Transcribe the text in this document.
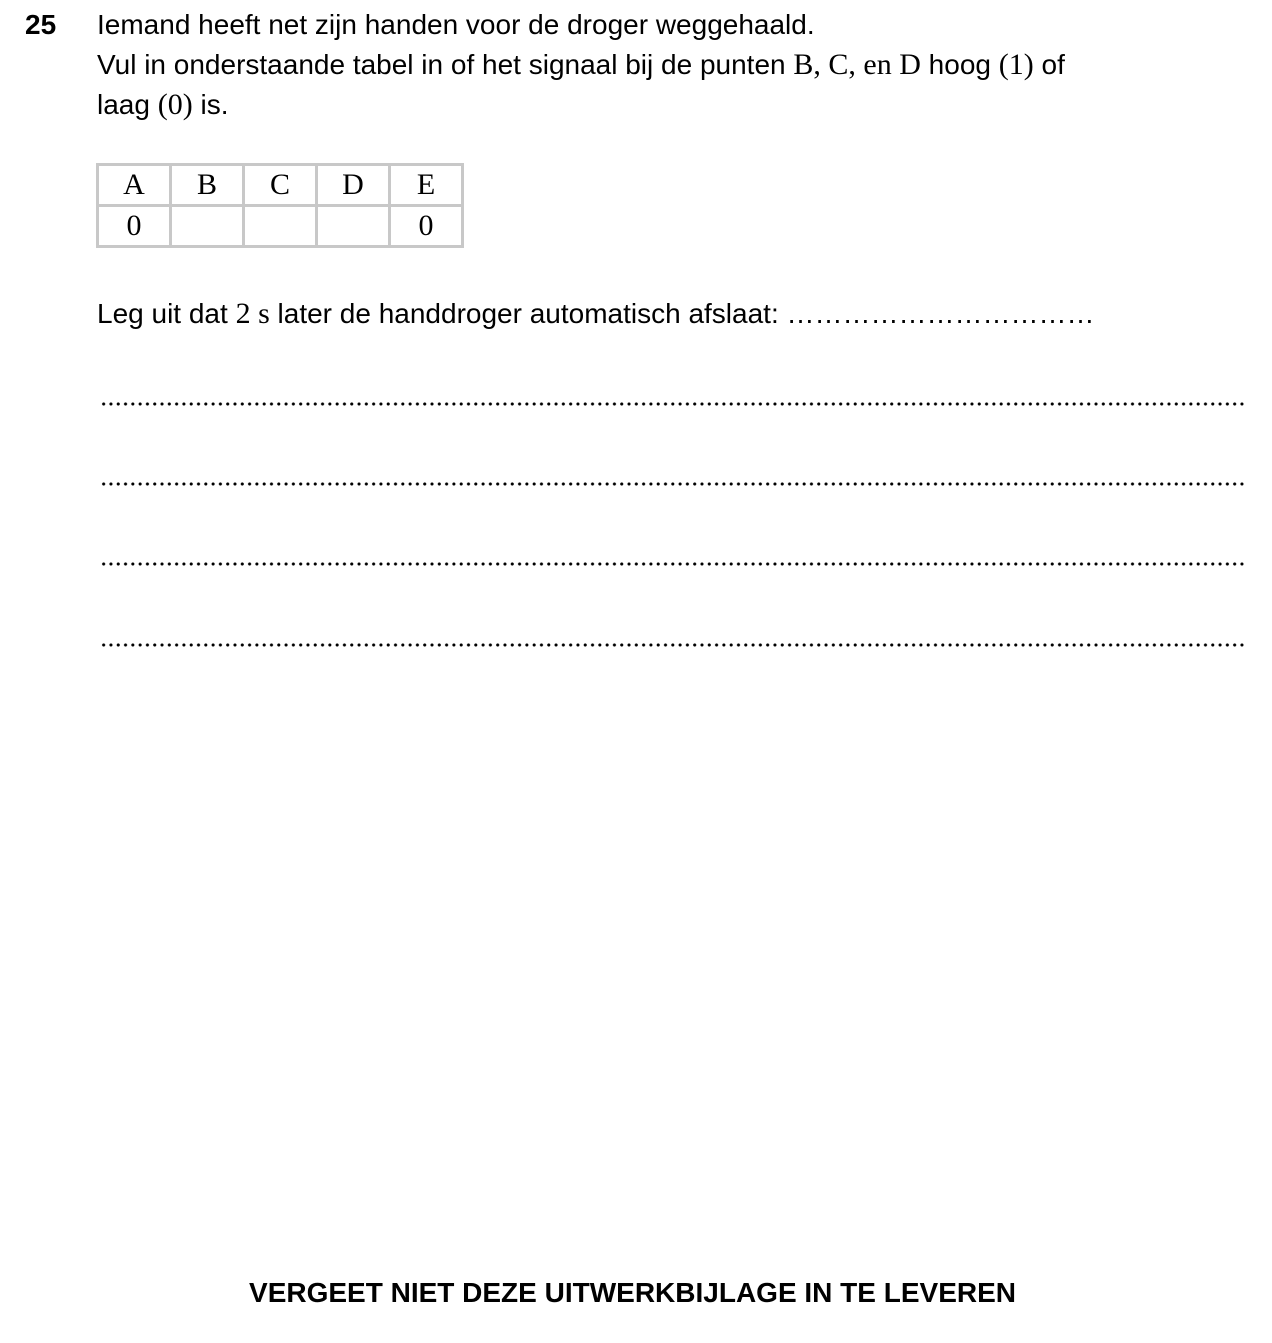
25 Iemand heeft net zijn handen voor de droger weggehaald.
Vul in onderstaande tabel in of het signaal bij de punten B, C, en D hoog (1) of
laag (0) is.
A	B	C	D	E
0				0
Leg uit dat 2 s later de handdroger automatisch afslaat: ……………………………
VERGEET NIET DEZE UITWERKBIJLAGE IN TE LEVEREN
